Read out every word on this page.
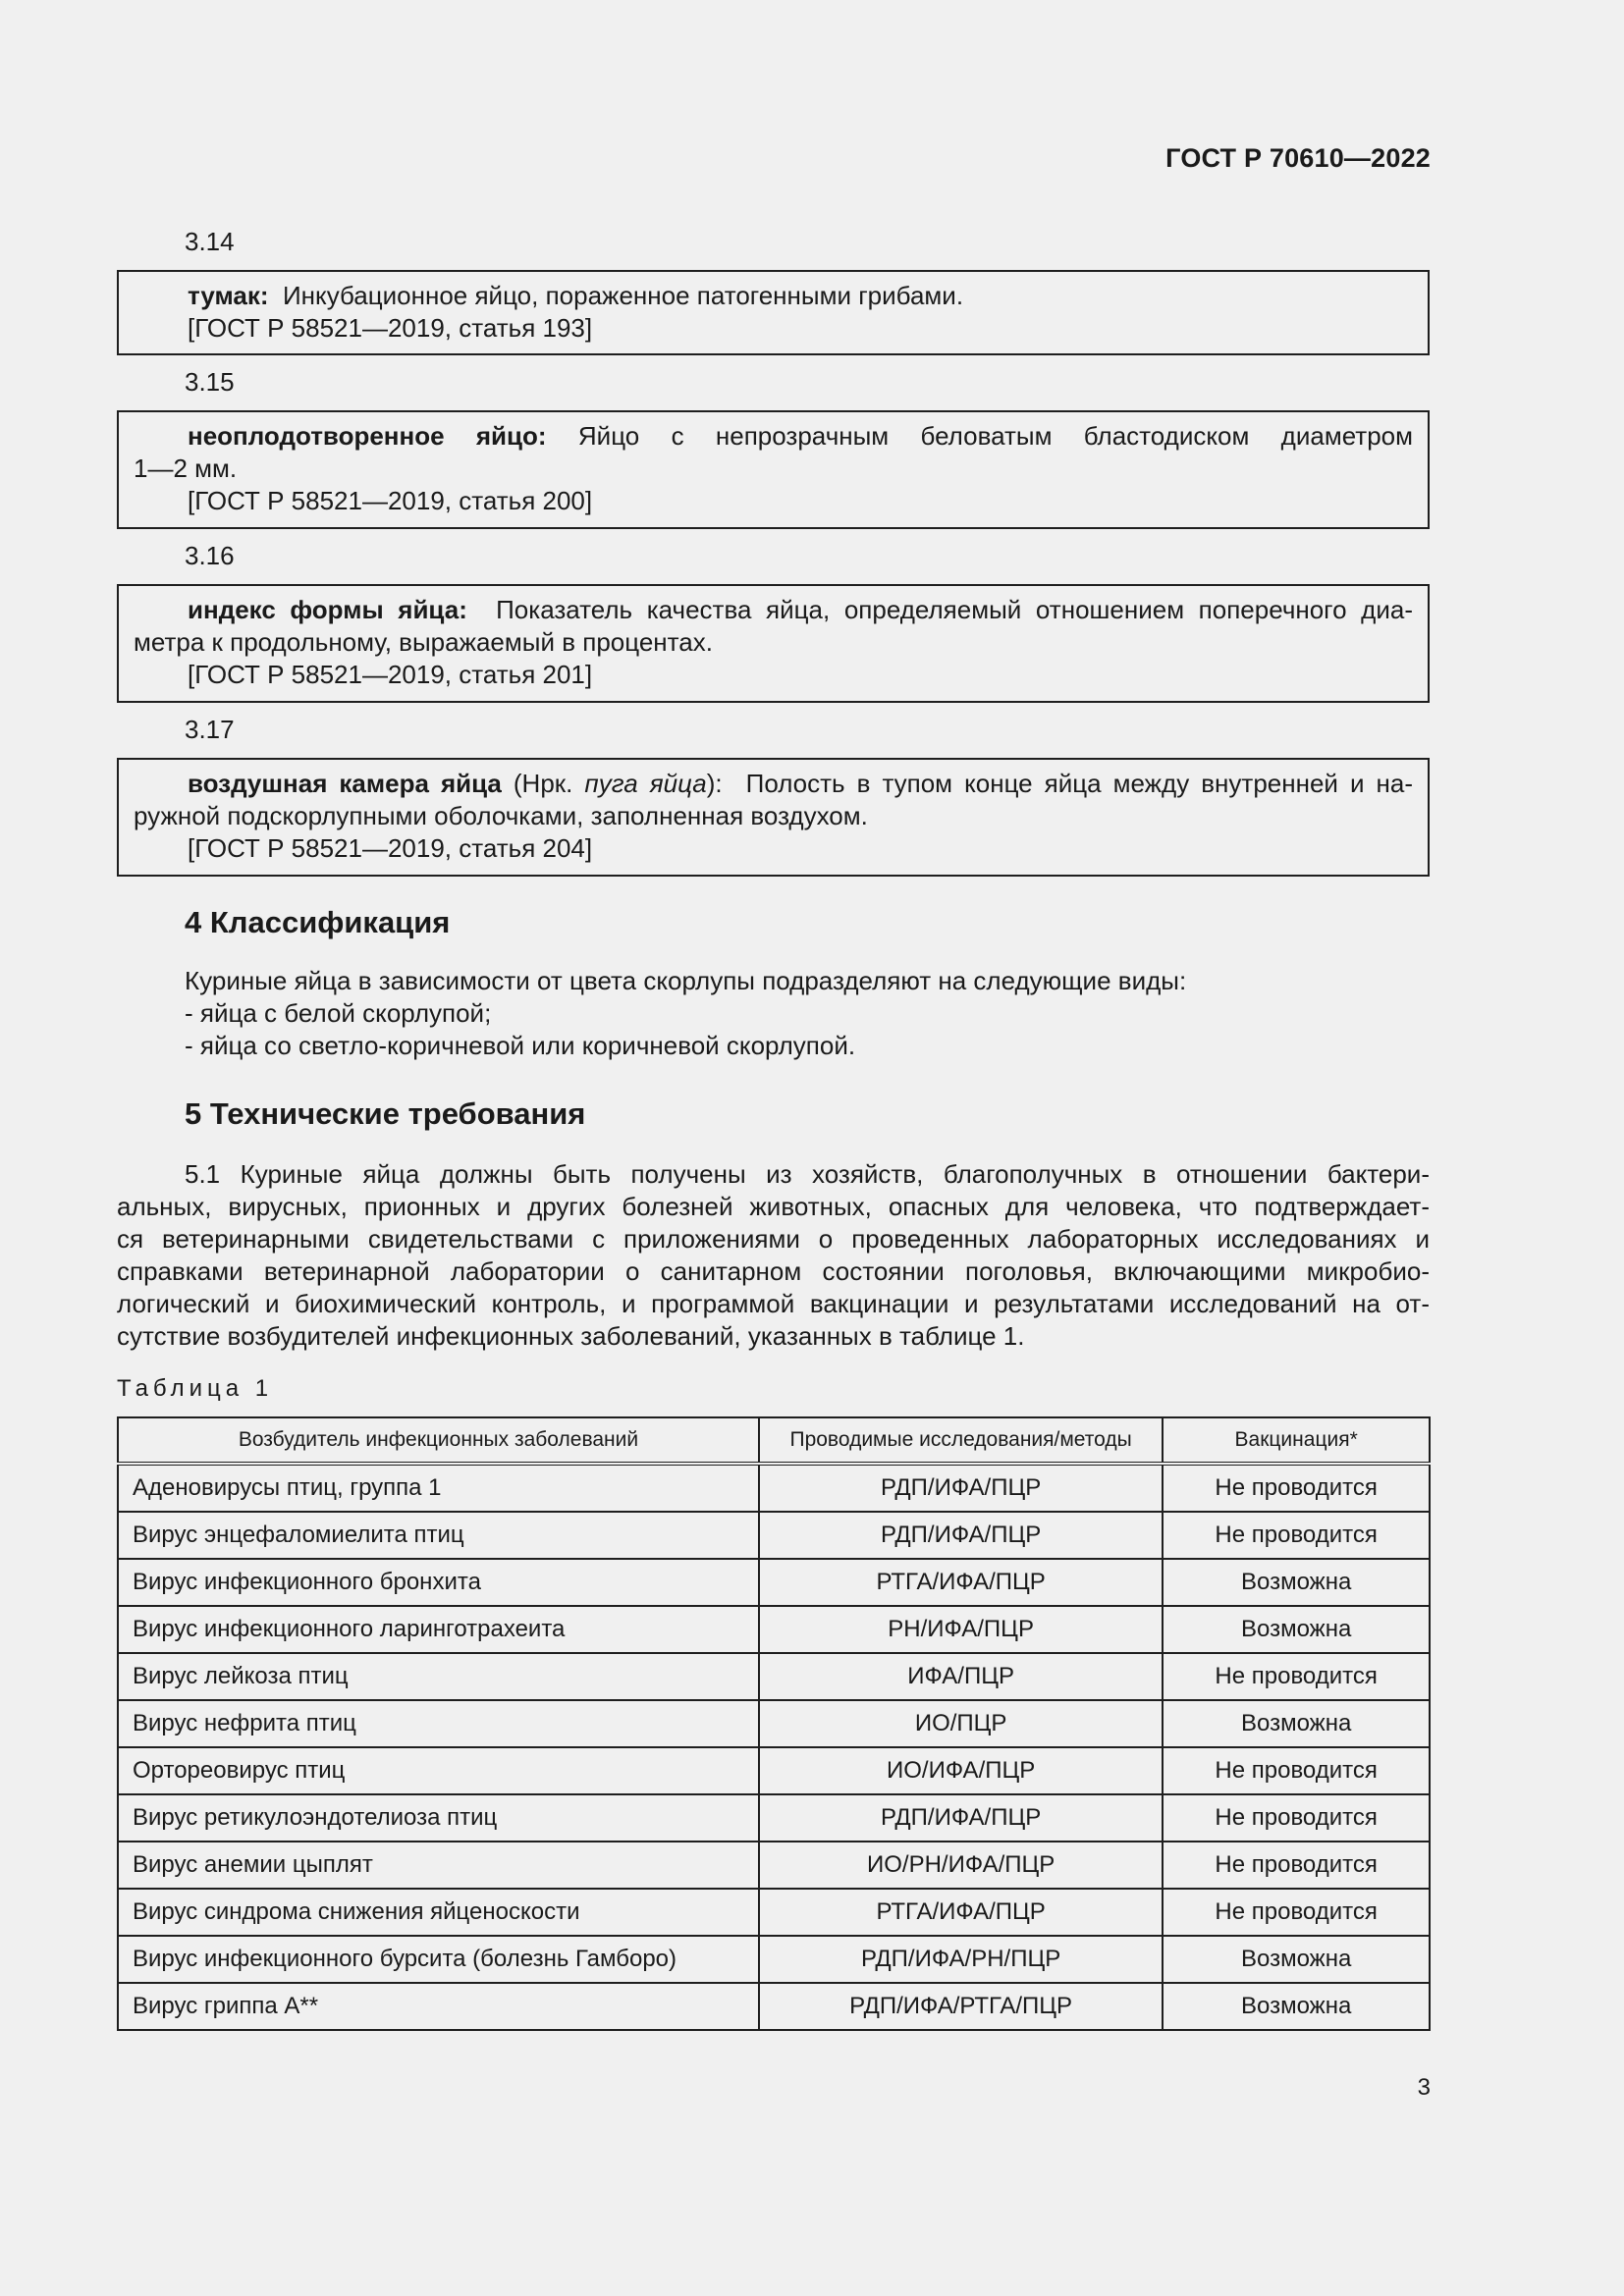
ГОСТ Р 70610—2022
3.14

тумак: Инкубационное яйцо, пораженное патогенными грибами.

[ГОСТ Р 58521—2019, статья 193]

3.15

неоплодотворенное яйцо: Яйцо с непрозрачным беловатым бластодиском диаметром

1—2 мм.

[ГОСТ Р 58521—2019, статья 200]

3.16

индекс формы яйца: Показатель качества яйца, определяемый отношением поперечного диа-

метра к продольному, выражаемый в процентах.

[ГОСТ Р 58521—2019, статья 201]

3.17

воздушная камера яйца (Нрк. пуга яйца): Полость в тупом конце яйца между внутренней и на-

ружной подскорлупными оболочками, заполненная воздухом.

[ГОСТ Р 58521—2019, статья 204]

4 Классификация

Куриные яйца в зависимости от цвета скорлупы подразделяют на следующие виды:

- яйца с белой скорлупой;
- яйца со светло-коричневой или коричневой скорлупой.
5 Технические требования
5.1 Куриные яйца должны быть получены из хозяйств, благополучных в отношении бактери-
альных, вирусных, прионных и других болезней животных, опасных для человека, что подтверждает-
ся ветеринарными свидетельствами с приложениями о проведенных лабораторных исследованиях и
справками ветеринарной лаборатории о санитарном состоянии поголовья, включающими микробио-
логический и биохимический контроль, и программой вакцинации и результатами исследований на от-
сутствие возбудителей инфекционных заболеваний, указанных в таблице 1.
Таблица 1
Возбудитель инфекционных заболеваний	Проводимые исследования/методы	Вакцинация*
Аденовирусы птиц, группа 1	РДП/ИФА/ПЦР	Не проводится
Вирус энцефаломиелита птиц	РДП/ИФА/ПЦР	Не проводится
Вирус инфекционного бронхита	РТГА/ИФА/ПЦР	Возможна
Вирус инфекционного ларинготрахеита	РН/ИФА/ПЦР	Возможна
Вирус лейкоза птиц	ИФА/ПЦР	Не проводится
Вирус нефрита птиц	ИО/ПЦР	Возможна
Ортореовирус птиц	ИО/ИФА/ПЦР	Не проводится
Вирус ретикулоэндотелиоза птиц	РДП/ИФА/ПЦР	Не проводится
Вирус анемии цыплят	ИО/РН/ИФА/ПЦР	Не проводится
Вирус синдрома снижения яйценоскости	РТГА/ИФА/ПЦР	Не проводится
Вирус инфекционного бурсита (болезнь Гамборо)	РДП/ИФА/РН/ПЦР	Возможна
Вирус гриппа А**	РДП/ИФА/РТГА/ПЦР	Возможна
3
